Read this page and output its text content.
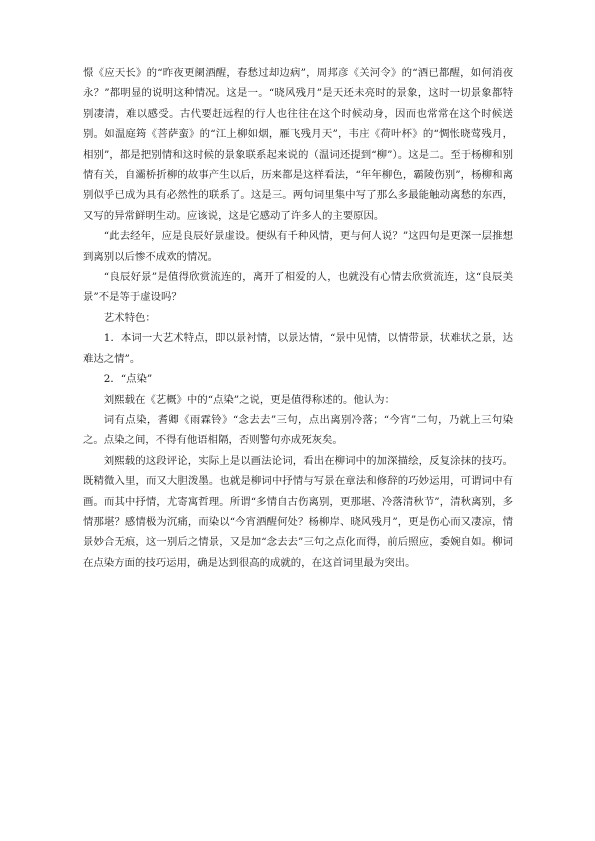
憬《应天长》的“昨夜更阑酒醒，春愁过却边病”，周邦彦《关河令》的“酒已都醒，如何消夜永？”都明显的说明这种情况。这是一。“晓风残月”是天还未亮时的景象，这时一切景象都特别凄清，难以感受。古代要赶远程的行人也往往在这个时候动身，因而也常常在这个时候送别。如温庭筠《菩萨蛮》的“江上柳如烟，雁飞残月天”，韦庄《荷叶杯》的“惆怅晓莺残月，相别”，都是把别情和这时候的景象联系起来说的（温词还提到“柳”）。这是二。至于杨柳和别情有关，自灞桥折柳的故事产生以后，历来都是这样看法，“年年柳色，霸陵伤别”，杨柳和离别似乎已成为具有必然性的联系了。这是三。两句词里集中写了那么多最能触动离愁的东西，又写的异常鲜明生动。应该说，这是它感动了许多人的主要原因。

“此去经年，应是良辰好景虚设。便纵有千种风情，更与何人说？”这四句是更深一层推想到离别以后惨不成欢的情况。

“良辰好景”是值得欣赏流连的，离开了相爱的人，也就没有心情去欣赏流连，这“良辰美景”不是等于虚设吗？

艺术特色：

1．本词一大艺术特点，即以景衬情，以景达情，“景中见情，以情带景，状难状之景，达难达之情”。

2．“点染”

刘熙载在《艺概》中的“点染”之说，更是值得称述的。他认为：

词有点染，耆卿《雨霖铃》“念去去”三句，点出离别冷落；“今宵”二句，乃就上三句染之。点染之间，不得有他语相隔，否则警句亦成死灰矣。

刘熙载的这段评论，实际上是以画法论词，看出在柳词中的加深描绘，反复涂抹的技巧。既精微入里，而又大胆泼墨。也就是柳词中抒情与写景在章法和修辞的巧妙运用，可谓词中有画。而其中抒情，尤寄寓哲理。所谓“多情自古伤离别，更那堪、冷落清秋节”，清秋离别，多情那堪？感情极为沉痛，而染以“今宵酒醒何处？杨柳岸、晓风残月”，更是伤心而又凄凉，情景妙合无痕，这一别后之情景，又是加“念去去”三句之点化而得，前后照应，委婉自如。柳词在点染方面的技巧运用，确是达到很高的成就的，在这首词里最为突出。
